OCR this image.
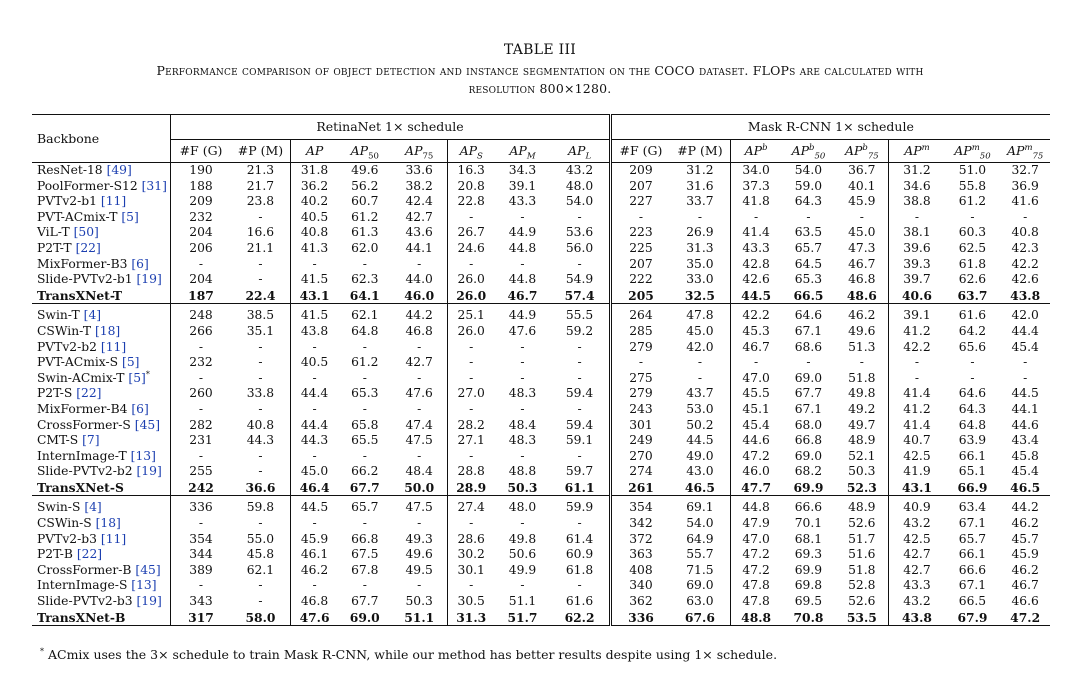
TABLE III
Performance comparison of object detection and instance segmentation on the COCO dataset. FLOPs are calculated with
resolution 800×1280.
Backbone	RetinaNet 1× schedule								Mask R-CNN 1× schedule							
	#F (G)	#P (M)	AP	$AP_{50}$	$AP_{75}$	$AP_S$	$AP_M$	$AP_L$	#F (G)	#P (M)	$AP^b$	$AP^b_{50}$	$AP^b_{75}$	$AP^m$	$AP^m_{50}$	$AP^m_{75}$
ResNet-18 [49]	190	21.3	31.8	49.6	33.6	16.3	34.3	43.2	209	31.2	34.0	54.0	36.7	31.2	51.0	32.7
PoolFormer-S12 [31]	188	21.7	36.2	56.2	38.2	20.8	39.1	48.0	207	31.6	37.3	59.0	40.1	34.6	55.8	36.9
PVTv2-b1 [11]	209	23.8	40.2	60.7	42.4	22.8	43.3	54.0	227	33.7	41.8	64.3	45.9	38.8	61.2	41.6
PVT-ACmix-T [5]	232	-	40.5	61.2	42.7	-	-	-	-	-	-	-	-	-	-	-
ViL-T [50]	204	16.6	40.8	61.3	43.6	26.7	44.9	53.6	223	26.9	41.4	63.5	45.0	38.1	60.3	40.8
P2T-T [22]	206	21.1	41.3	62.0	44.1	24.6	44.8	56.0	225	31.3	43.3	65.7	47.3	39.6	62.5	42.3
MixFormer-B3 [6]	-	-	-	-	-	-	-	-	207	35.0	42.8	64.5	46.7	39.3	61.8	42.2
Slide-PVTv2-b1 [19]	204	-	41.5	62.3	44.0	26.0	44.8	54.9	222	33.0	42.6	65.3	46.8	39.7	62.6	42.6
TransXNet-T	187	22.4	43.1	64.1	46.0	26.0	46.7	57.4	205	32.5	44.5	66.5	48.6	40.6	63.7	43.8
Swin-T [4]	248	38.5	41.5	62.1	44.2	25.1	44.9	55.5	264	47.8	42.2	64.6	46.2	39.1	61.6	42.0
CSWin-T [18]	266	35.1	43.8	64.8	46.8	26.0	47.6	59.2	285	45.0	45.3	67.1	49.6	41.2	64.2	44.4
PVTv2-b2 [11]	-	-	-	-	-	-	-	-	279	42.0	46.7	68.6	51.3	42.2	65.6	45.4
PVT-ACmix-S [5]	232	-	40.5	61.2	42.7	-	-	-	-	-	-	-	-	-	-	-
Swin-ACmix-T [5]*	-	-	-	-	-	-	-	-	275	-	47.0	69.0	51.8	-	-	-
P2T-S [22]	260	33.8	44.4	65.3	47.6	27.0	48.3	59.4	279	43.7	45.5	67.7	49.8	41.4	64.6	44.5
MixFormer-B4 [6]	-	-	-	-	-	-	-	-	243	53.0	45.1	67.1	49.2	41.2	64.3	44.1
CrossFormer-S [45]	282	40.8	44.4	65.8	47.4	28.2	48.4	59.4	301	50.2	45.4	68.0	49.7	41.4	64.8	44.6
CMT-S [7]	231	44.3	44.3	65.5	47.5	27.1	48.3	59.1	249	44.5	44.6	66.8	48.9	40.7	63.9	43.4
InternImage-T [13]	-	-	-	-	-	-	-	-	270	49.0	47.2	69.0	52.1	42.5	66.1	45.8
Slide-PVTv2-b2 [19]	255	-	45.0	66.2	48.4	28.8	48.8	59.7	274	43.0	46.0	68.2	50.3	41.9	65.1	45.4
TransXNet-S	242	36.6	46.4	67.7	50.0	28.9	50.3	61.1	261	46.5	47.7	69.9	52.3	43.1	66.9	46.5
Swin-S [4]	336	59.8	44.5	65.7	47.5	27.4	48.0	59.9	354	69.1	44.8	66.6	48.9	40.9	63.4	44.2
CSWin-S [18]	-	-	-	-	-	-	-	-	342	54.0	47.9	70.1	52.6	43.2	67.1	46.2
PVTv2-b3 [11]	354	55.0	45.9	66.8	49.3	28.6	49.8	61.4	372	64.9	47.0	68.1	51.7	42.5	65.7	45.7
P2T-B [22]	344	45.8	46.1	67.5	49.6	30.2	50.6	60.9	363	55.7	47.2	69.3	51.6	42.7	66.1	45.9
CrossFormer-B [45]	389	62.1	46.2	67.8	49.5	30.1	49.9	61.8	408	71.5	47.2	69.9	51.8	42.7	66.6	46.2
InternImage-S [13]	-	-	-	-	-	-	-	-	340	69.0	47.8	69.8	52.8	43.3	67.1	46.7
Slide-PVTv2-b3 [19]	343	-	46.8	67.7	50.3	30.5	51.1	61.6	362	63.0	47.8	69.5	52.6	43.2	66.5	46.6
TransXNet-B	317	58.0	47.6	69.0	51.1	31.3	51.7	62.2	336	67.6	48.8	70.8	53.5	43.8	67.9	47.2
* ACmix uses the 3× schedule to train Mask R-CNN, while our method has better results despite using 1× schedule.
